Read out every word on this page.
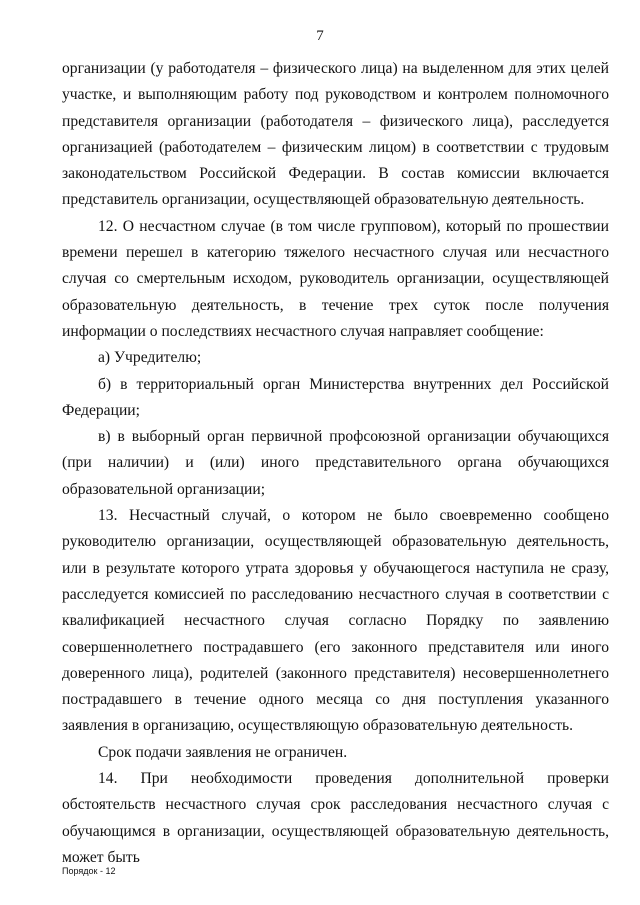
7

организации (у работодателя – физического лица) на выделенном для этих целей участке, и выполняющим работу под руководством и контролем полномочного представителя организации (работодателя – физического лица), расследуется организацией (работодателем – физическим лицом) в соответствии с трудовым законодательством Российской Федерации. В состав комиссии включается представитель организации, осуществляющей образовательную деятельность.

12. О несчастном случае (в том числе групповом), который по прошествии времени перешел в категорию тяжелого несчастного случая или несчастного случая со смертельным исходом, руководитель организации, осуществляющей образовательную деятельность, в течение трех суток после получения информации о последствиях несчастного случая направляет сообщение:

а) Учредителю;

б) в территориальный орган Министерства внутренних дел Российской Федерации;

в) в выборный орган первичной профсоюзной организации обучающихся (при наличии) и (или) иного представительного органа обучающихся образовательной организации;

13. Несчастный случай, о котором не было своевременно сообщено руководителю организации, осуществляющей образовательную деятельность, или в результате которого утрата здоровья у обучающегося наступила не сразу, расследуется комиссией по расследованию несчастного случая в соответствии с квалификацией несчастного случая согласно Порядку по заявлению совершеннолетнего пострадавшего (его законного представителя или иного доверенного лица), родителей (законного представителя) несовершеннолетнего пострадавшего в течение одного месяца со дня поступления указанного заявления в организацию, осуществляющую образовательную деятельность.

Срок подачи заявления не ограничен.

14. При необходимости проведения дополнительной проверки обстоятельств несчастного случая срок расследования несчастного случая с обучающимся в организации, осуществляющей образовательную деятельность, может быть

Порядок - 12
